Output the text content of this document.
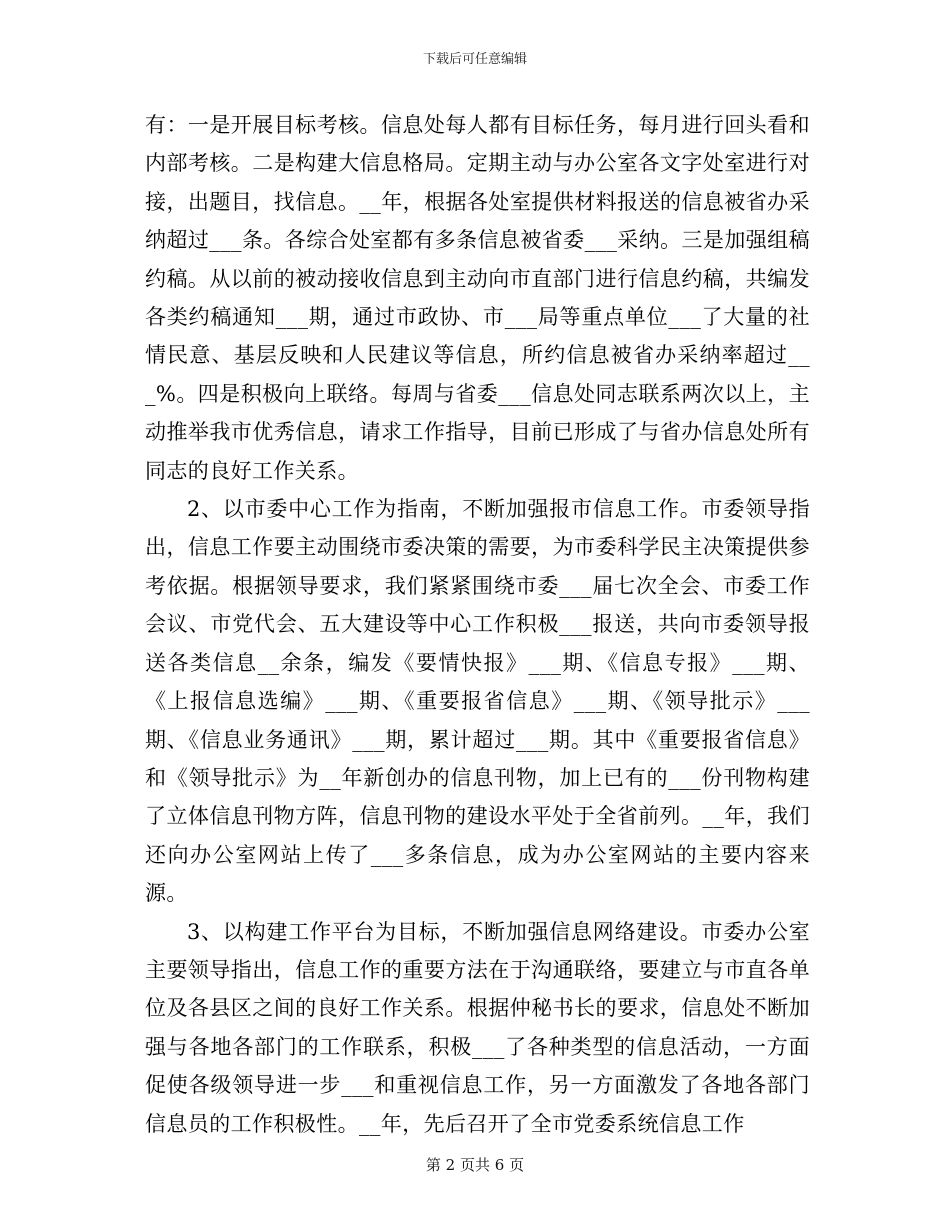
下载后可任意编辑

有：一是开展目标考核。信息处每人都有目标任务，每月进行回头看和内部考核。二是构建大信息格局。定期主动与办公室各文字处室进行对接，出题目，找信息。__年，根据各处室提供材料报送的信息被省办采纳超过___条。各综合处室都有多条信息被省委___采纳。三是加强组稿约稿。从以前的被动接收信息到主动向市直部门进行信息约稿，共编发各类约稿通知___期，通过市政协、市___局等重点单位___了大量的社情民意、基层反映和人民建议等信息，所约信息被省办采纳率超过___%。四是积极向上联络。每周与省委___信息处同志联系两次以上，主动推举我市优秀信息，请求工作指导，目前已形成了与省办信息处所有同志的良好工作关系。

2、以市委中心工作为指南，不断加强报市信息工作。市委领导指出，信息工作要主动围绕市委决策的需要，为市委科学民主决策提供参考依据。根据领导要求，我们紧紧围绕市委___届七次全会、市委工作会议、市党代会、五大建设等中心工作积极___报送，共向市委领导报送各类信息__余条，编发《要情快报》___期、《信息专报》___期、《上报信息选编》___期、《重要报省信息》___期、《领导批示》___期、《信息业务通讯》___期，累计超过___期。其中《重要报省信息》和《领导批示》为__年新创办的信息刊物，加上已有的___份刊物构建了立体信息刊物方阵，信息刊物的建设水平处于全省前列。__年，我们还向办公室网站上传了___多条信息，成为办公室网站的主要内容来源。

3、以构建工作平台为目标，不断加强信息网络建设。市委办公室主要领导指出，信息工作的重要方法在于沟通联络，要建立与市直各单位及各县区之间的良好工作关系。根据仲秘书长的要求，信息处不断加强与各地各部门的工作联系，积极___了各种类型的信息活动，一方面促使各级领导进一步___和重视信息工作，另一方面激发了各地各部门信息员的工作积极性。__年，先后召开了全市党委系统信息工作

第 2 页共 6 页
